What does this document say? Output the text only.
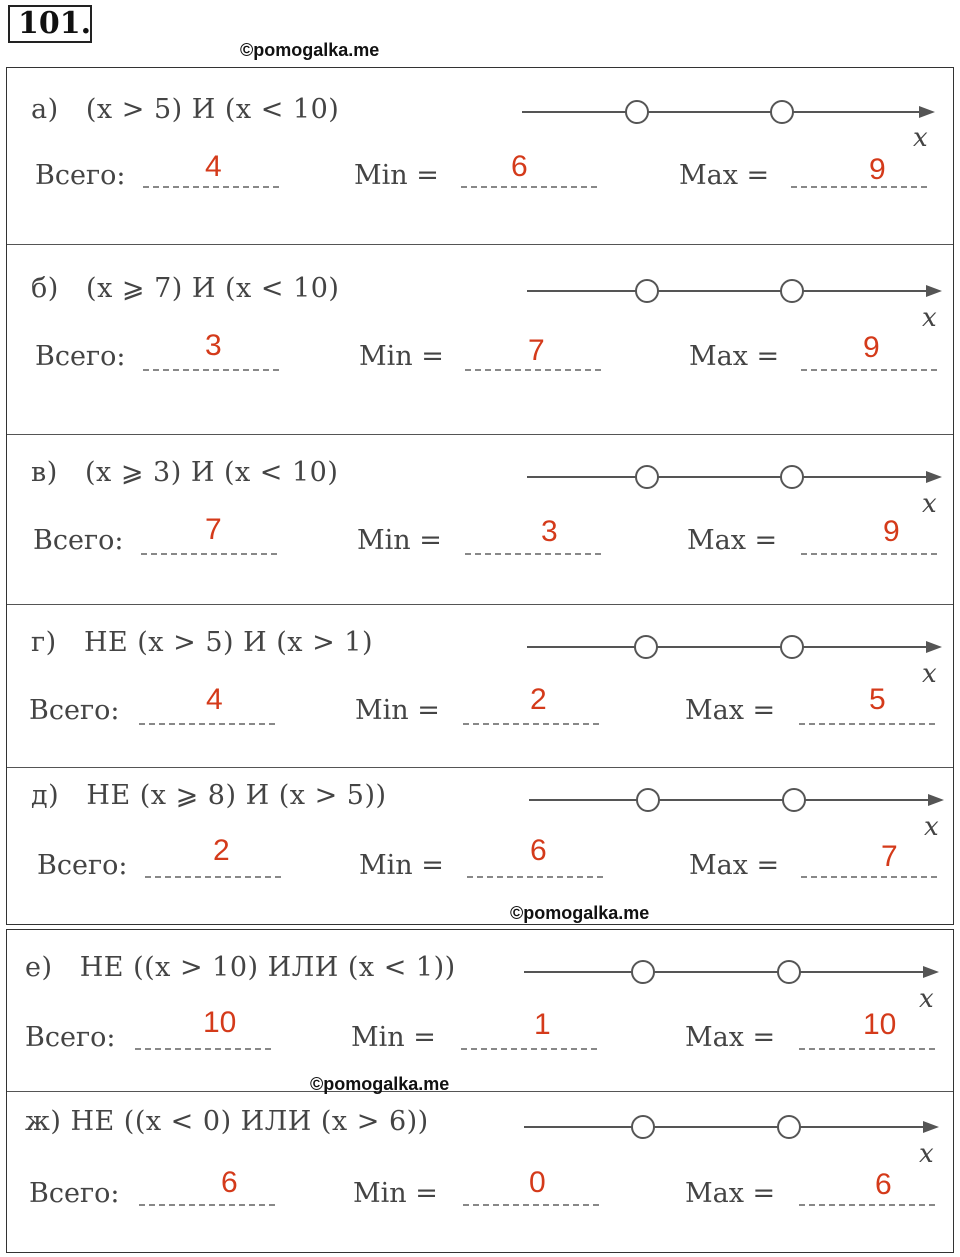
101.
©pomogalka.me
а) (x > 5) И (x < 10)
x
Всего:	4	Min = 6	Max =	9
б) (x ⩾ 7) И (x < 10)
x
Всего:	3	Min =	7	Max =	9
в) (x ⩾ 3) И (x < 10)
x
Всего:	7	Min =	3	Max =	9
г) НЕ (x > 5) И (x > 1)
x
Всего:	4	Min =	2	Max =	5
д) НЕ (x ⩾ 8) И (x > 5))
x
Всего:	2	Min =	6	Max =	7
©pomogalka.me
е) НЕ ((x > 10) ИЛИ (x < 1))
x
Всего:	10	Min =	1	Max =	10
ж) НЕ ((x < 0) ИЛИ (x > 6))
x
Всего:	6	Min =	0	Max =	6
©pomogalka.me
